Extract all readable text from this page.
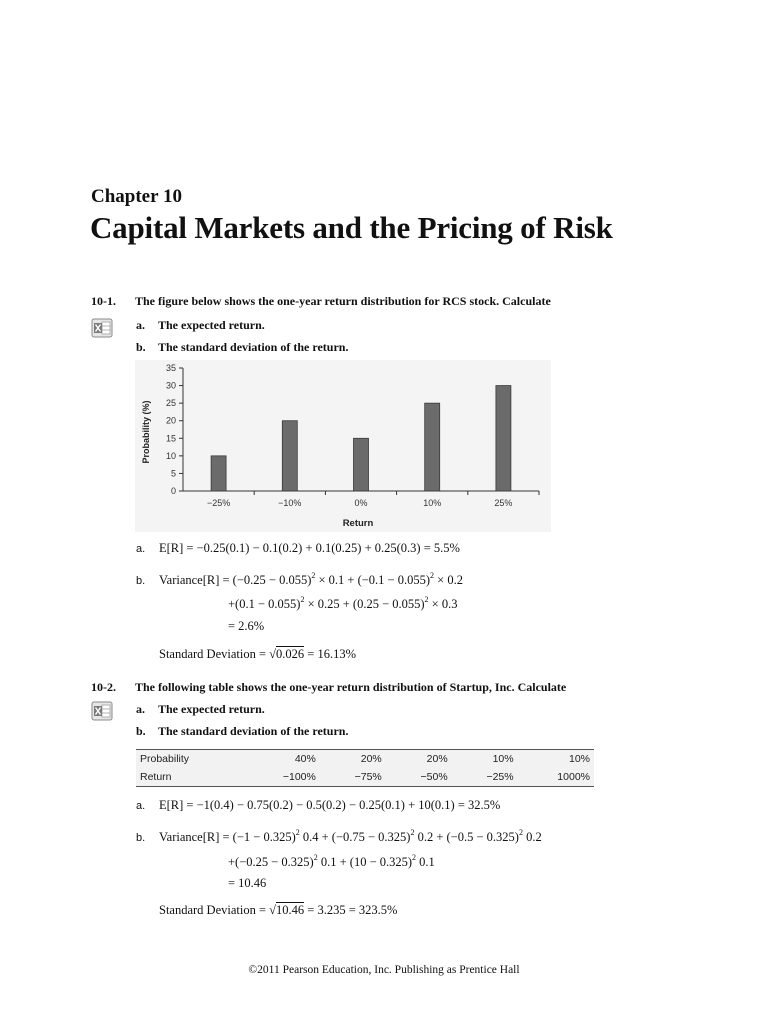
Chapter 10
Capital Markets and the Pricing of Risk
10-1. The figure below shows the one-year return distribution for RCS stock. Calculate
a. The expected return.
b. The standard deviation of the return.
Probability (%)
Return
0
5
10
15
20
25
30
35
−25%	−10%	0%	10%	25%
a. E[R] = −0.25(0.1) − 0.1(0.2) + 0.1(0.25) + 0.25(0.3) = 5.5%
b. Variance[R] = $(-0.25 - 0.055)^2 \times 0.1 + (-0.1 - 0.055)^2 \times 0.2$
$+(0.1 - 0.055)^2 \times 0.25 + (0.25 - 0.055)^2 \times 0.3$
= 2.6%
Standard Deviation = √0.026 = 16.13%
10-2. The following table shows the one-year return distribution of Startup, Inc. Calculate
a. The expected return.
b. The standard deviation of the return.
Probability	40%	20%	20%	10%	10%
Return	−100%	−75%	−50%	−25%	1000%
a. E[R] = −1(0.4) − 0.75(0.2) − 0.5(0.2) − 0.25(0.1) + 10(0.1) = 32.5%
b. Variance[R] = $(-1 - 0.325)^2$ $0.4 + (-0.75 - 0.325)^2$ $0.2 + (-0.5 - 0.325)^2$ 0.2
$+(-0.25 - 0.325)^2$ $0.1 + (10 - 0.325)^2$ 0.1
= 10.46
Standard Deviation = √10.46 = 3.235 = 323.5%
©2011 Pearson Education, Inc. Publishing as Prentice Hall
